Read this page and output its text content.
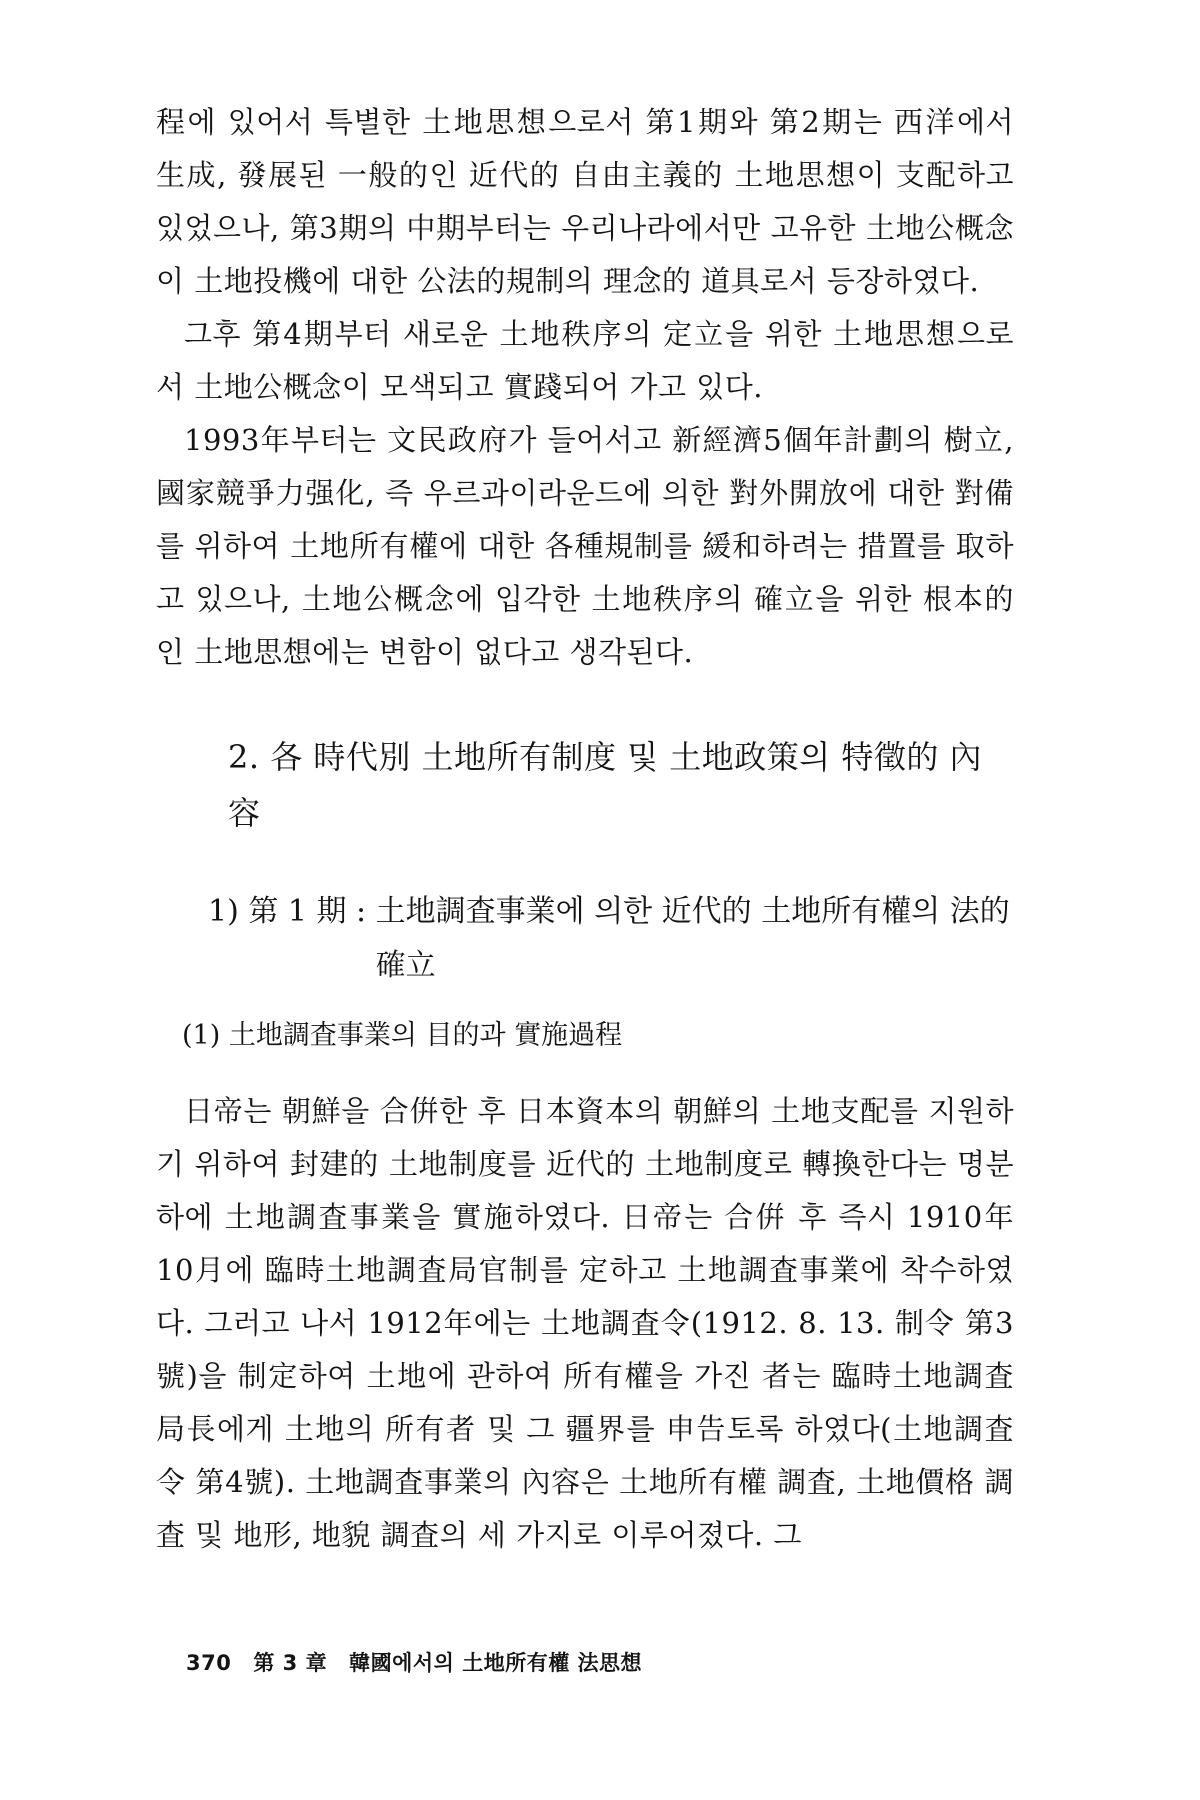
程에 있어서 특별한 土地思想으로서 第1期와 第2期는 西洋에서 生成, 發展된 一般的인 近代的 自由主義的 土地思想이 支配하고 있었으나, 第3期의 中期부터는 우리나라에서만 고유한 土地公概念이 土地投機에 대한 公法的規制의 理念的 道具로서 등장하였다.

그후 第4期부터 새로운 土地秩序의 定立을 위한 土地思想으로서 土地公概念이 모색되고 實踐되어 가고 있다.

1993年부터는 文民政府가 들어서고 新經濟5個年計劃의 樹立, 國家競爭力强化, 즉 우르과이라운드에 의한 對外開放에 대한 對備를 위하여 土地所有權에 대한 各種規制를 緩和하려는 措置를 取하고 있으나, 土地公概念에 입각한 土地秩序의 確立을 위한 根本的인 土地思想에는 변함이 없다고 생각된다.

2. 各 時代別 土地所有制度 및 土地政策의 特徵的 內容
1) 第 1 期 : 土地調査事業에 의한 近代的 土地所有權의 法的 確立
(1) 土地調査事業의 目的과 實施過程

日帝는 朝鮮을 合倂한 후 日本資本의 朝鮮의 土地支配를 지원하기 위하여 封建的 土地制度를 近代的 土地制度로 轉換한다는 명분하에 土地調査事業을 實施하였다. 日帝는 合倂 후 즉시 1910年 10月에 臨時土地調査局官制를 定하고 土地調査事業에 착수하였다. 그러고 나서 1912年에는 土地調査令(1912. 8. 13. 制令 第3號)을 制定하여 土地에 관하여 所有權을 가진 者는 臨時土地調査局長에게 土地의 所有者 및 그 疆界를 申告토록 하였다(土地調査令 第4號). 土地調査事業의 內容은 土地所有權 調査, 土地價格 調査 및 地形, 地貌 調査의 세 가지로 이루어졌다. 그

370 第 3 章 韓國에서의 土地所有權 法思想
